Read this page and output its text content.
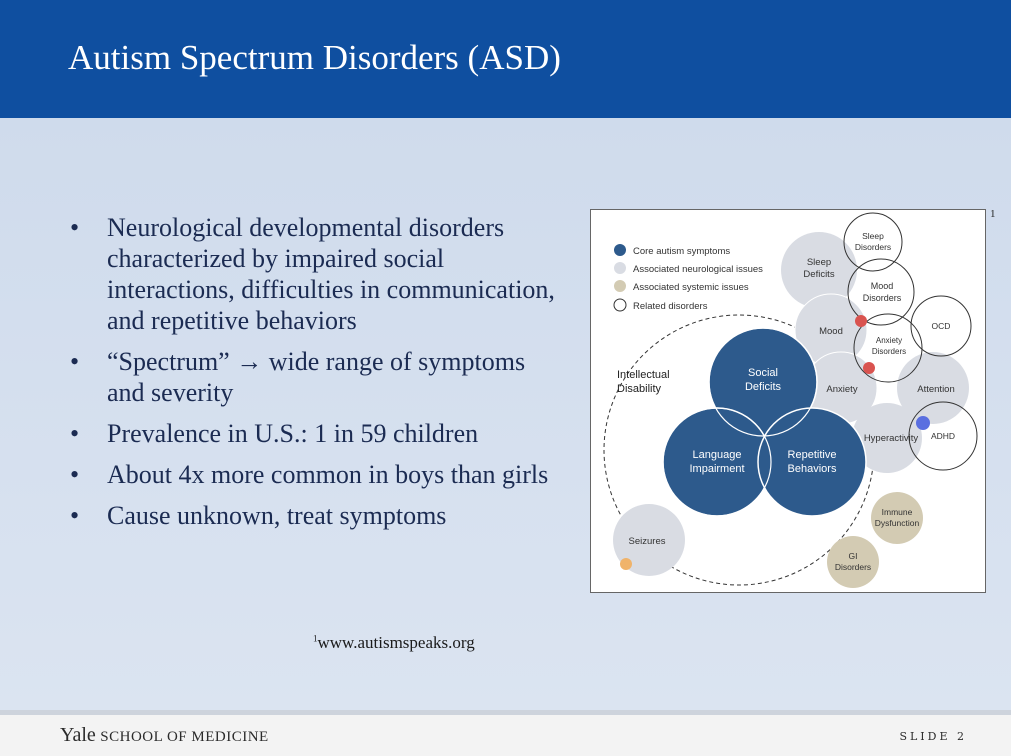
Autism Spectrum Disorders (ASD)
• Neurological developmental disorders characterized by impaired social interactions, difficulties in communication, and repetitive behaviors
• “Spectrum” → wide range of symptoms and severity
• Prevalence in U.S.: 1 in 59 children
• About 4x more common in boys than girls
• Cause unknown, treat symptoms
$^1$www.autismspeaks.org
Core autism symptoms
Associated neurological issues
Associated systemic issues
Related disorders
Intellectual Disability
Social Deficits
Language Impairment
Repetitive Behaviors
Sleep Deficits
Mood
Anxiety	Attention
Hyperactivity
Seizures
Immune Dysfunction
GI Disorders
Sleep Disorders
Mood Disorders
OCD
Anxiety Disorders
ADHD
1
Yale SCHOOL OF MEDICINE	SLIDE 2
